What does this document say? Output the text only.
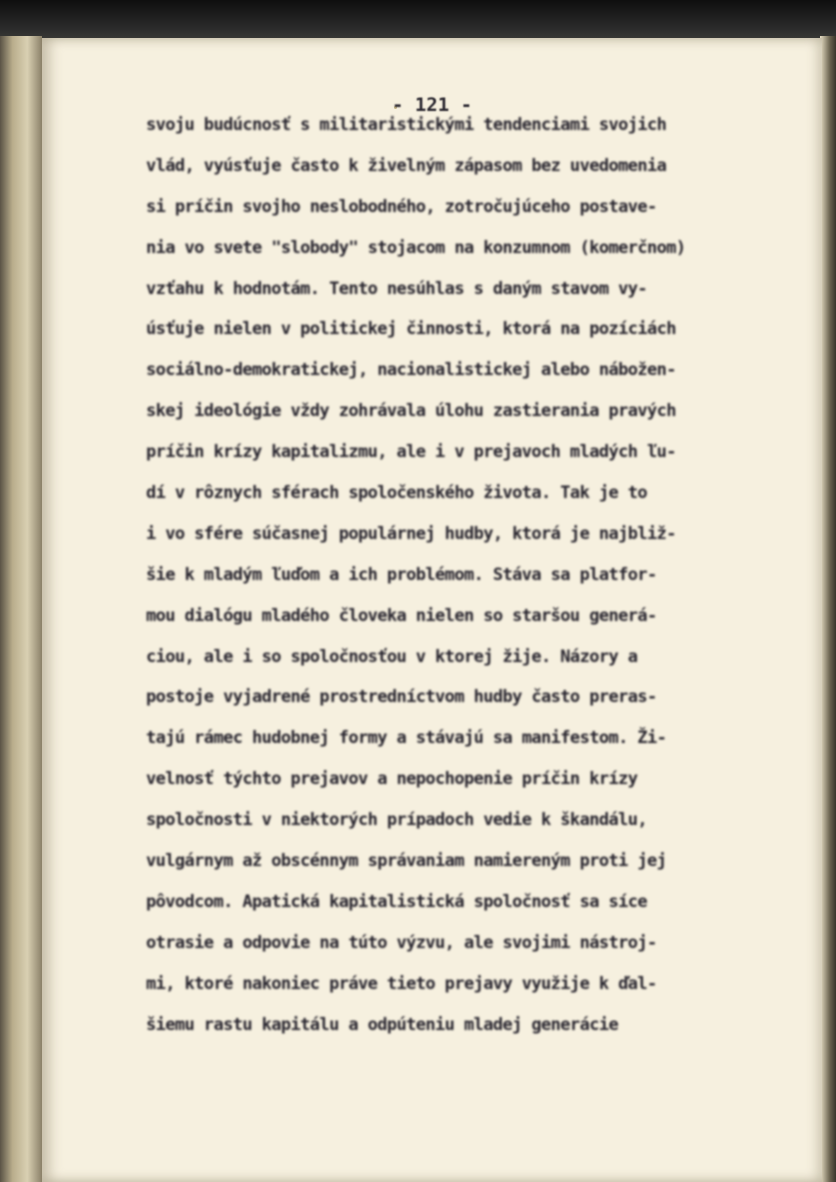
- 121 -
svoju budúcnosť s militaristickými tendenciami svojich
vlád, vyúsťuje často k živelným zápasom bez uvedomenia
si príčin svojho neslobodného, zotročujúceho postave-
nia vo svete "slobody" stojacom na konzumnom (komerčnom)
vzťahu k hodnotám. Tento nesúhlas s daným stavom vy-
úsťuje nielen v politickej činnosti, ktorá na pozíciách
sociálno-demokratickej, nacionalistickej alebo nábožen-
skej ideológie vždy zohrávala úlohu zastierania pravých
príčin krízy kapitalizmu, ale i v prejavoch mladých ľu-
dí v rôznych sférach spoločenského života. Tak je to
i vo sfére súčasnej populárnej hudby, ktorá je najbliž-
šie k mladým ľuďom a ich problémom. Stáva sa platfor-
mou dialógu mladého človeka nielen so staršou generá-
ciou, ale i so spoločnosťou v ktorej žije. Názory a
postoje vyjadrené prostredníctvom hudby často preras-
tajú rámec hudobnej formy a stávajú sa manifestom. Ži-
velnosť týchto prejavov a nepochopenie príčin krízy
spoločnosti v niektorých prípadoch vedie k škandálu,
vulgárnym až obscénnym správaniam namiereným proti jej
pôvodcom. Apatická kapitalistická spoločnosť sa síce
otrasie a odpovie na túto výzvu, ale svojimi nástroj-
mi, ktoré nakoniec práve tieto prejavy využije k ďal-
šiemu rastu kapitálu a odpúteniu mladej generácie
